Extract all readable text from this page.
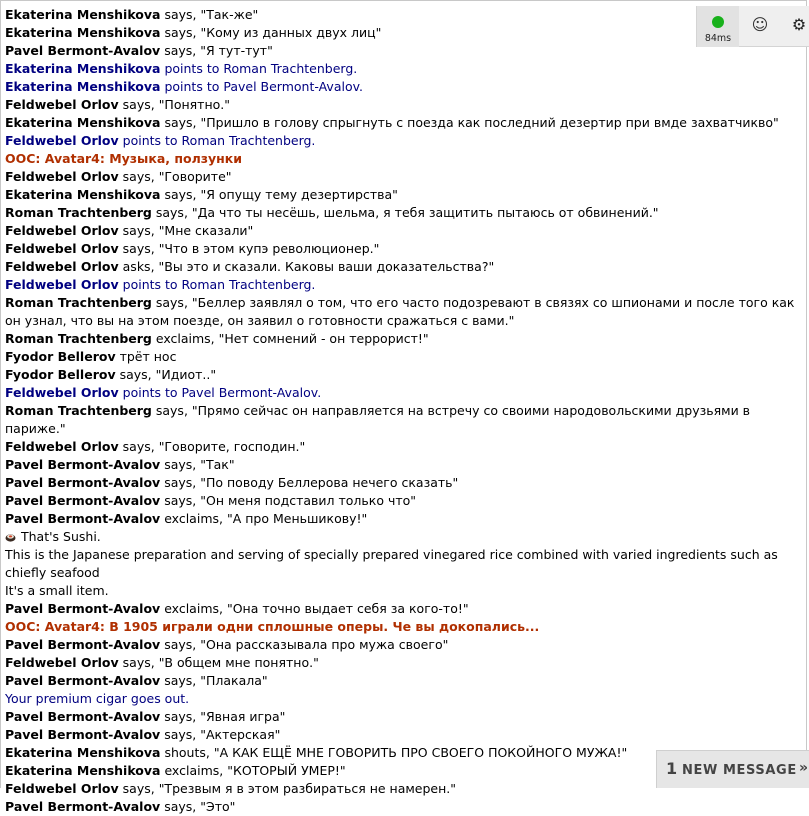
Ekaterina Menshikova says, "Так-же"
Ekaterina Menshikova says, "Кому из данных двух лиц"
Pavel Bermont-Avalov says, "Я тут-тут"
Ekaterina Menshikova points to Roman Trachtenberg.
Ekaterina Menshikova points to Pavel Bermont-Avalov.
Feldwebel Orlov says, "Понятно."
Ekaterina Menshikova says, "Пришло в голову спрыгнуть с поезда как последний дезертир при вмде захватчикво"
Feldwebel Orlov points to Roman Trachtenberg.
OOC: Avatar4: Музыка, ползунки
Feldwebel Orlov says, "Говорите"
Ekaterina Menshikova says, "Я опущу тему дезертирства"
Roman Trachtenberg says, "Да что ты несёшь, шельма, я тебя защитить пытаюсь от обвинений."
Feldwebel Orlov says, "Мне сказали"
Feldwebel Orlov says, "Что в этом купэ революционер."
Feldwebel Orlov asks, "Вы это и сказали. Каковы ваши доказательства?"
Feldwebel Orlov points to Roman Trachtenberg.
Roman Trachtenberg says, "Беллер заявлял о том, что его часто подозревают в связях со шпионами и после того как он узнал, что вы на этом поезде, он заявил о готовности сражаться с вами."
Roman Trachtenberg exclaims, "Нет сомнений - он террорист!"
Fyodor Bellerov трёт нос
Fyodor Bellerov says, "Идиот.."
Feldwebel Orlov points to Pavel Bermont-Avalov.
Roman Trachtenberg says, "Прямо сейчас он направляется на встречу со своими народовольскими друзьями в париже."
Feldwebel Orlov says, "Говорите, господин."
Pavel Bermont-Avalov says, "Так"
Pavel Bermont-Avalov says, "По поводу Беллерова нечего сказать"
Pavel Bermont-Avalov says, "Он меня подставил только что"
Pavel Bermont-Avalov exclaims, "А про Меньшикову!"
That's Sushi.
This is the Japanese preparation and serving of specially prepared vinegared rice combined with varied ingredients such as chiefly seafood
It's a small item.
Pavel Bermont-Avalov exclaims, "Она точно выдает себя за кого-то!"
OOC: Avatar4: В 1905 играли одни сплошные оперы. Че вы докопались...
Pavel Bermont-Avalov says, "Она рассказывала про мужа своего"
Feldwebel Orlov says, "В общем мне понятно."
Pavel Bermont-Avalov says, "Плакала"
Your premium cigar goes out.
Pavel Bermont-Avalov says, "Явная игра"
Pavel Bermont-Avalov says, "Актерская"
Ekaterina Menshikova shouts, "А КАК ЕЩЁ МНЕ ГОВОРИТЬ ПРО СВОЕГО ПОКОЙНОГО МУЖА!"
Ekaterina Menshikova exclaims, "КОТОРЫЙ УМЕР!"
Feldwebel Orlov says, "Трезвым я в этом разбираться не намерен."
Pavel Bermont-Avalov says, "Это"
84ms
☺ ⚙
1 NEW MESSAGE »
